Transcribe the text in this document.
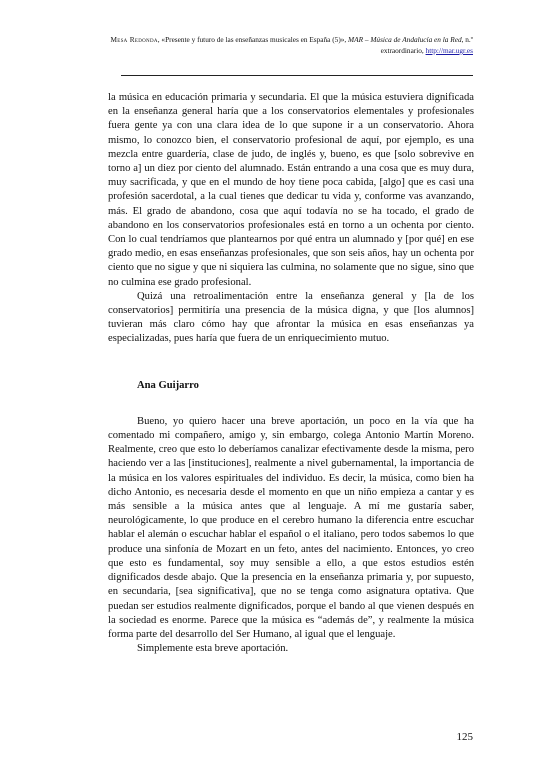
Mesa Redonda, «Presente y futuro de las enseñanzas musicales en España (5)», MAR – Música de Andalucía en la Red, n.º extraordinario, http://mar.ugr.es

la música en educación primaria y secundaria. El que la música estuviera dignificada en la enseñanza general haría que a los conservatorios elementales y profesionales fuera gente ya con una clara idea de lo que supone ir a un conservatorio. Ahora mismo, lo conozco bien, el conservatorio profesional de aquí, por ejemplo, es una mezcla entre guardería, clase de judo, de inglés y, bueno, es que [solo sobrevive en torno a] un diez por ciento del alumnado. Están entrando a una cosa que es muy dura, muy sacrificada, y que en el mundo de hoy tiene poca cabida, [algo] que es casi una profesión sacerdotal, a la cual tienes que dedicar tu vida y, conforme vas avanzando, más. El grado de abandono, cosa que aquí todavía no se ha tocado, el grado de abandono en los conservatorios profesionales está en torno a un ochenta por ciento. Con lo cual tendríamos que plantearnos por qué entra un alumnado y [por qué] en ese grado medio, en esas enseñanzas profesionales, que son seis años, hay un ochenta por ciento que no sigue y que ni siquiera las culmina, no solamente que no sigue, sino que no culmina ese grado profesional.

Quizá una retroalimentación entre la enseñanza general y [la de los conservatorios] permitiría una presencia de la música digna, y que [los alumnos] tuvieran más claro cómo hay que afrontar la música en esas enseñanzas ya especializadas, pues haría que fuera de un enriquecimiento mutuo.

Ana Guijarro

Bueno, yo quiero hacer una breve aportación, un poco en la vía que ha comentado mi compañero, amigo y, sin embargo, colega Antonio Martín Moreno. Realmente, creo que esto lo deberíamos canalizar efectivamente desde la misma, pero haciendo ver a las [instituciones], realmente a nivel gubernamental, la importancia de la música en los valores espirituales del individuo. Es decir, la música, como bien ha dicho Antonio, es necesaria desde el momento en que un niño empieza a cantar y es más sensible a la música antes que al lenguaje. A mí me gustaría saber, neurológicamente, lo que produce en el cerebro humano la diferencia entre escuchar hablar el alemán o escuchar hablar el español o el italiano, pero todos sabemos lo que produce una sinfonía de Mozart en un feto, antes del nacimiento. Entonces, yo creo que esto es fundamental, soy muy sensible a ello, a que estos estudios estén dignificados desde abajo. Que la presencia en la enseñanza primaria y, por supuesto, en secundaria, [sea significativa], que no se tenga como asignatura optativa. Que puedan ser estudios realmente dignificados, porque el bando al que vienen después en la sociedad es enorme. Parece que la música es “además de”, y realmente la música forma parte del desarrollo del Ser Humano, al igual que el lenguaje.

Simplemente esta breve aportación.

125
